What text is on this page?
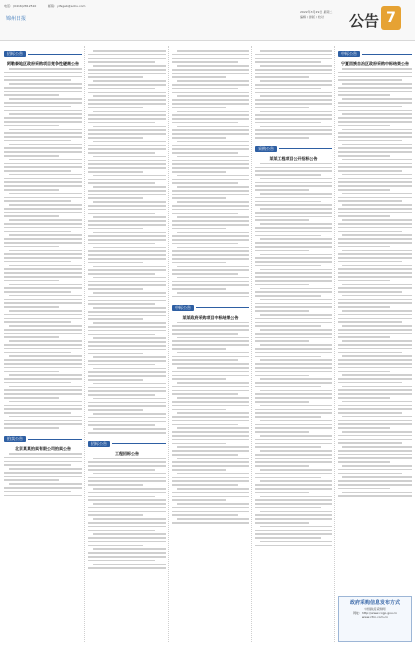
电话：(0416)2812510	邮箱：yifsgeb@sohu.com
锦州日报
2022年3月29日 星期二
编辑 / 排版 / 校对 公告 7
招标公告
阿勒泰地区政府采购项目竞争性磋商公告
拍卖公告
北京某某拍卖有限公司拍卖公告
招标公告
工程招标公告
中标公告
某某政府采购项目中标结果公告
采购公告
某某工程项目公开招标公告
中标公告
宁夏回族自治区政府采购中标结果公告
政府采购信息发布方式
中国政府采购网
网址：http://www.ccgp.gov.cn
www.cfcn.com.cn
